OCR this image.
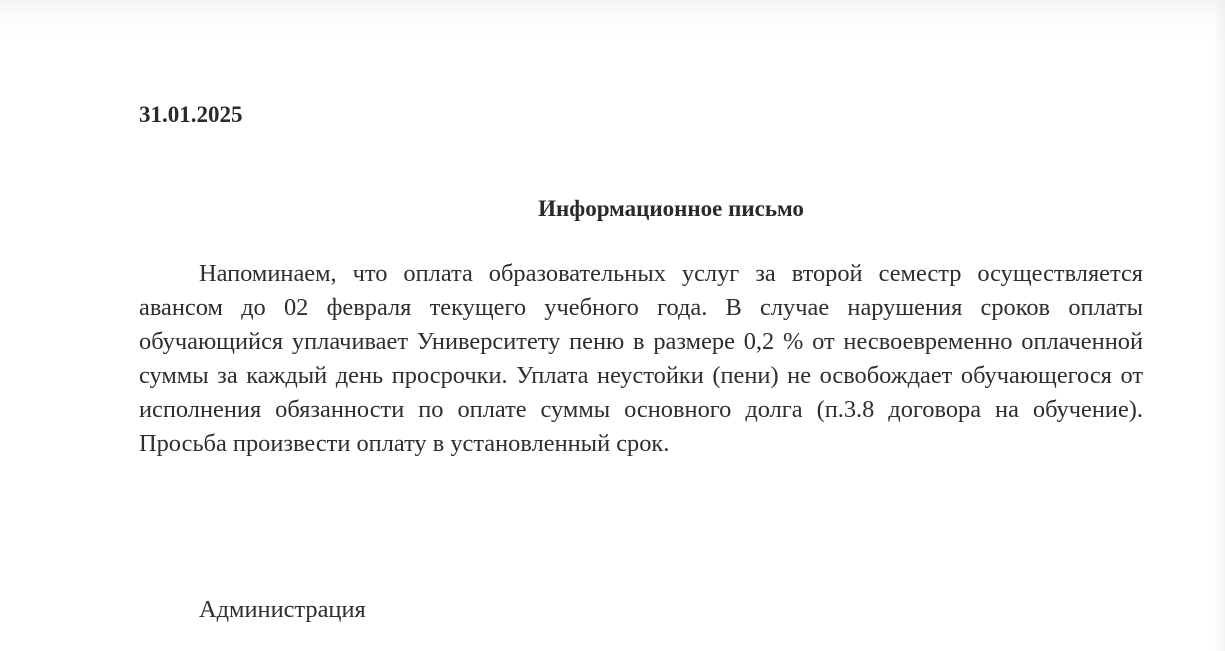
31.01.2025

Информационное письмо

Напоминаем, что оплата образовательных услуг за второй семестр осуществляется авансом до 02 февраля текущего учебного года. В случае нарушения сроков оплаты обучающийся уплачивает Университету пеню в размере 0,2 % от несвоевременно оплаченной суммы за каждый день просрочки. Уплата неустойки (пени) не освобождает обучающегося от исполнения обязанности по оплате суммы основного долга (п.3.8 договора на обучение). Просьба произвести оплату в установленный срок.

Администрация
